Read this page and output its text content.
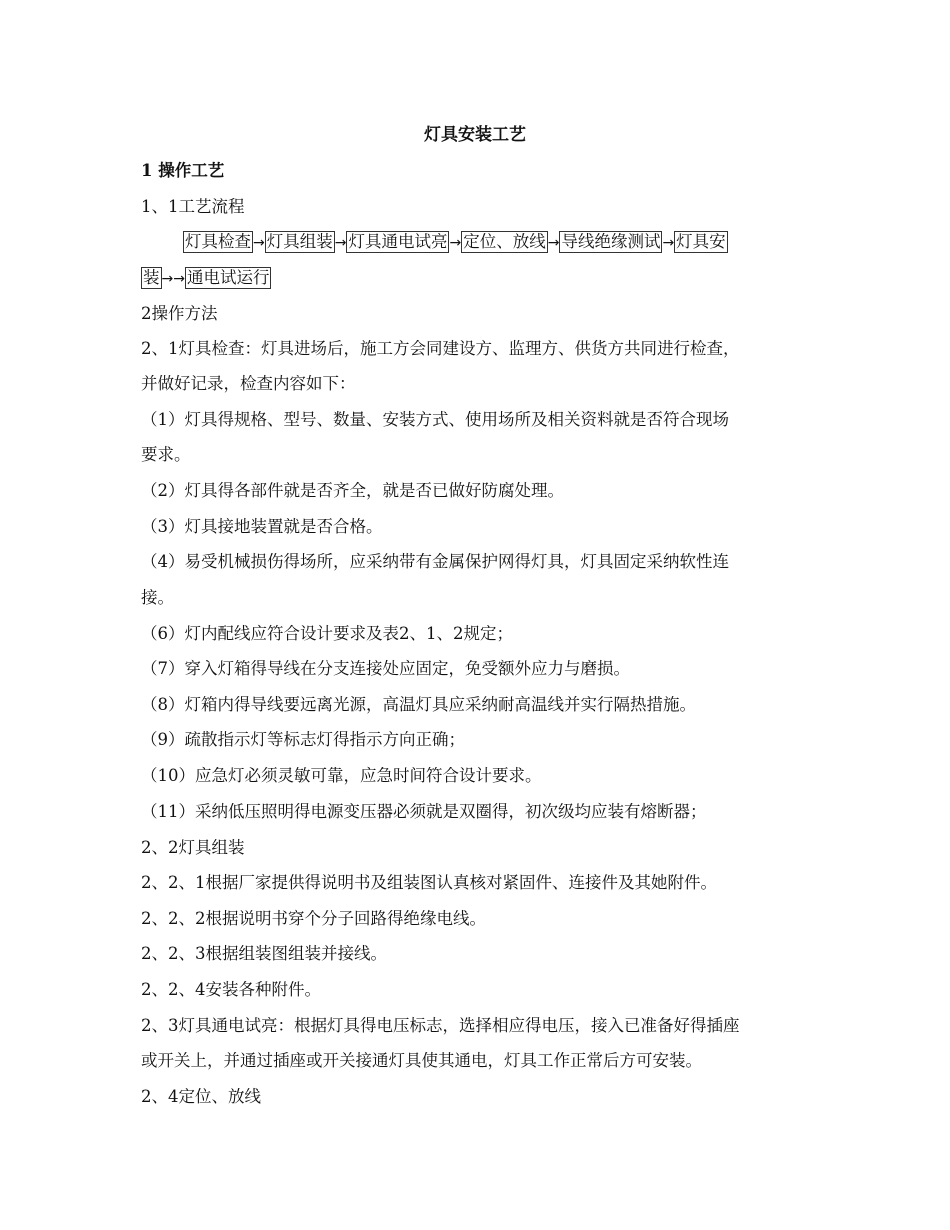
灯具安装工艺
1 操作工艺
1、1工艺流程
灯具检查 → 灯具组装 → 灯具通电试亮 → 定位、放线 → 导线绝缘测试 → 灯具安
装 →→ 通电试运行
2操作方法
2、1灯具检查：灯具进场后，施工方会同建设方、监理方、供货方共同进行检查，
并做好记录，检查内容如下：
（1）灯具得规格、型号、数量、安装方式、使用场所及相关资料就是否符合现场
要求。
（2）灯具得各部件就是否齐全，就是否已做好防腐处理。
（3）灯具接地装置就是否合格。
（4）易受机械损伤得场所，应采纳带有金属保护网得灯具，灯具固定采纳软性连
接。
（6）灯内配线应符合设计要求及表2、1、2规定；
（7）穿入灯箱得导线在分支连接处应固定，免受额外应力与磨损。
（8）灯箱内得导线要远离光源，高温灯具应采纳耐高温线并实行隔热措施。
（9）疏散指示灯等标志灯得指示方向正确；
（10）应急灯必须灵敏可靠，应急时间符合设计要求。
（11）采纳低压照明得电源变压器必须就是双圈得，初次级均应装有熔断器；
2、2灯具组装
2、2、1根据厂家提供得说明书及组装图认真核对紧固件、连接件及其她附件。
2、2、2根据说明书穿个分子回路得绝缘电线。
2、2、3根据组装图组装并接线。
2、2、4安装各种附件。
2、3灯具通电试亮：根据灯具得电压标志，选择相应得电压，接入已准备好得插座
或开关上，并通过插座或开关接通灯具使其通电，灯具工作正常后方可安装。
2、4定位、放线
